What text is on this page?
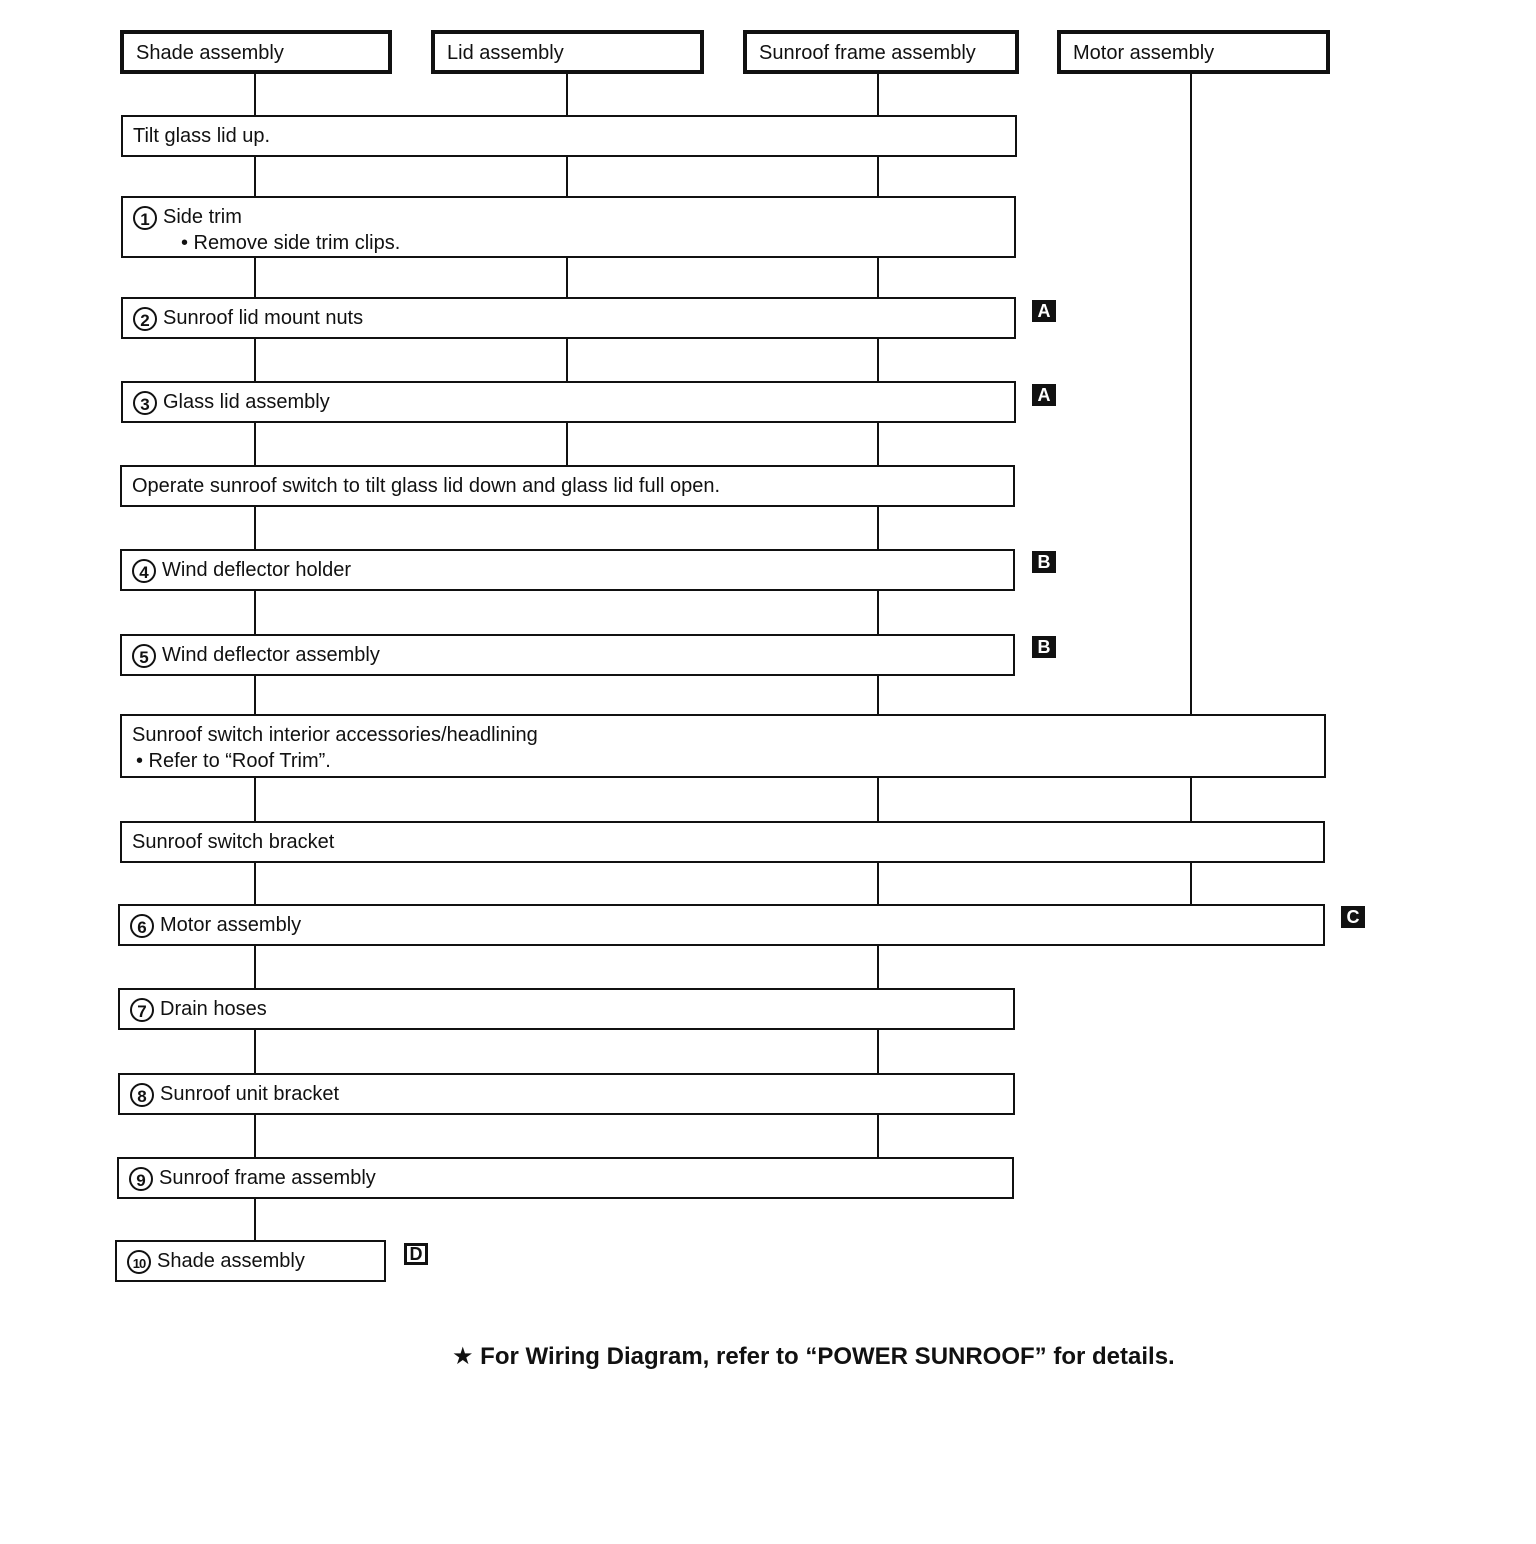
Shade assembly	Lid assembly	Sunroof frame assembly	Motor assembly
Tilt glass lid up.
1 Side trim
• Remove side trim clips.
2 Sunroof lid mount nuts	A
3 Glass lid assembly	A
Operate sunroof switch to tilt glass lid down and glass lid full open.
4 Wind deflector holder	B
5 Wind deflector assembly	B
Sunroof switch interior accessories/headlining
• Refer to “Roof Trim”.
Sunroof switch bracket
6 Motor assembly	C
7 Drain hoses
8 Sunroof unit bracket
9 Sunroof frame assembly
10 Shade assembly	D
★ For Wiring Diagram, refer to “POWER SUNROOF” for details.
